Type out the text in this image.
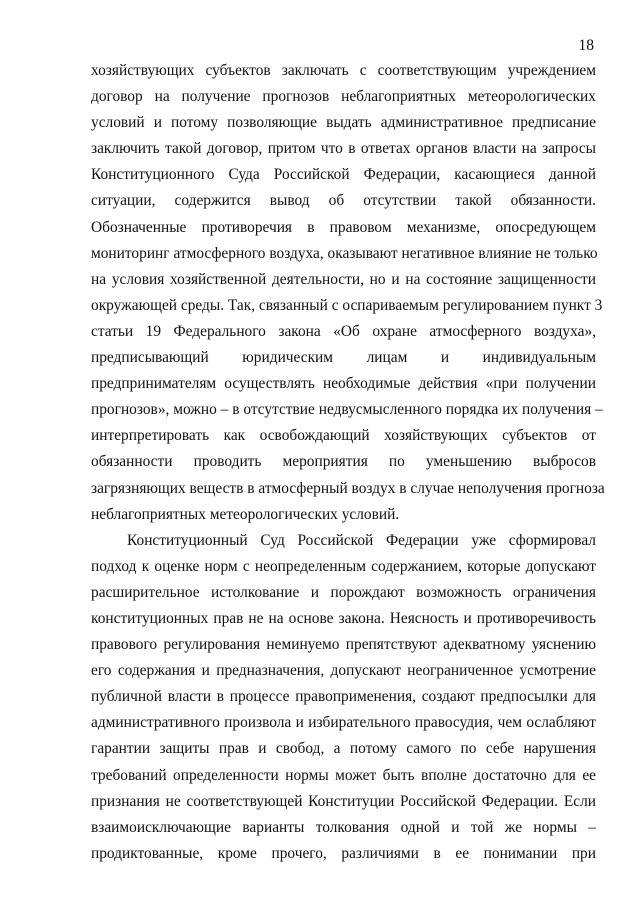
18
хозяйствующих субъектов заключать с соответствующим учреждением
договор на получение прогнозов неблагоприятных метеорологических
условий и потому позволяющие выдать административное предписание
заключить такой договор, притом что в ответах органов власти на запросы
Конституционного Суда Российской Федерации, касающиеся данной
ситуации, содержится вывод об отсутствии такой обязанности.
Обозначенные противоречия в правовом механизме, опосредующем
мониторинг атмосферного воздуха, оказывают негативное влияние не только
на условия хозяйственной деятельности, но и на состояние защищенности
окружающей среды. Так, связанный с оспариваемым регулированием пункт 3
статьи 19 Федерального закона «Об охране атмосферного воздуха»,
предписывающий юридическим лицам и индивидуальным
предпринимателям осуществлять необходимые действия «при получении
прогнозов», можно – в отсутствие недвусмысленного порядка их получения –
интерпретировать как освобождающий хозяйствующих субъектов от
обязанности проводить мероприятия по уменьшению выбросов
загрязняющих веществ в атмосферный воздух в случае неполучения прогноза
неблагоприятных метеорологических условий.
Конституционный Суд Российской Федерации уже сформировал
подход к оценке норм с неопределенным содержанием, которые допускают
расширительное истолкование и порождают возможность ограничения
конституционных прав не на основе закона. Неясность и противоречивость
правового регулирования неминуемо препятствуют адекватному уяснению
его содержания и предназначения, допускают неограниченное усмотрение
публичной власти в процессе правоприменения, создают предпосылки для
административного произвола и избирательного правосудия, чем ослабляют
гарантии защиты прав и свобод, а потому самого по себе нарушения
требований определенности нормы может быть вполне достаточно для ее
признания не соответствующей Конституции Российской Федерации. Если
взаимоисключающие варианты толкования одной и той же нормы –
продиктованные, кроме прочего, различиями в ее понимании при
